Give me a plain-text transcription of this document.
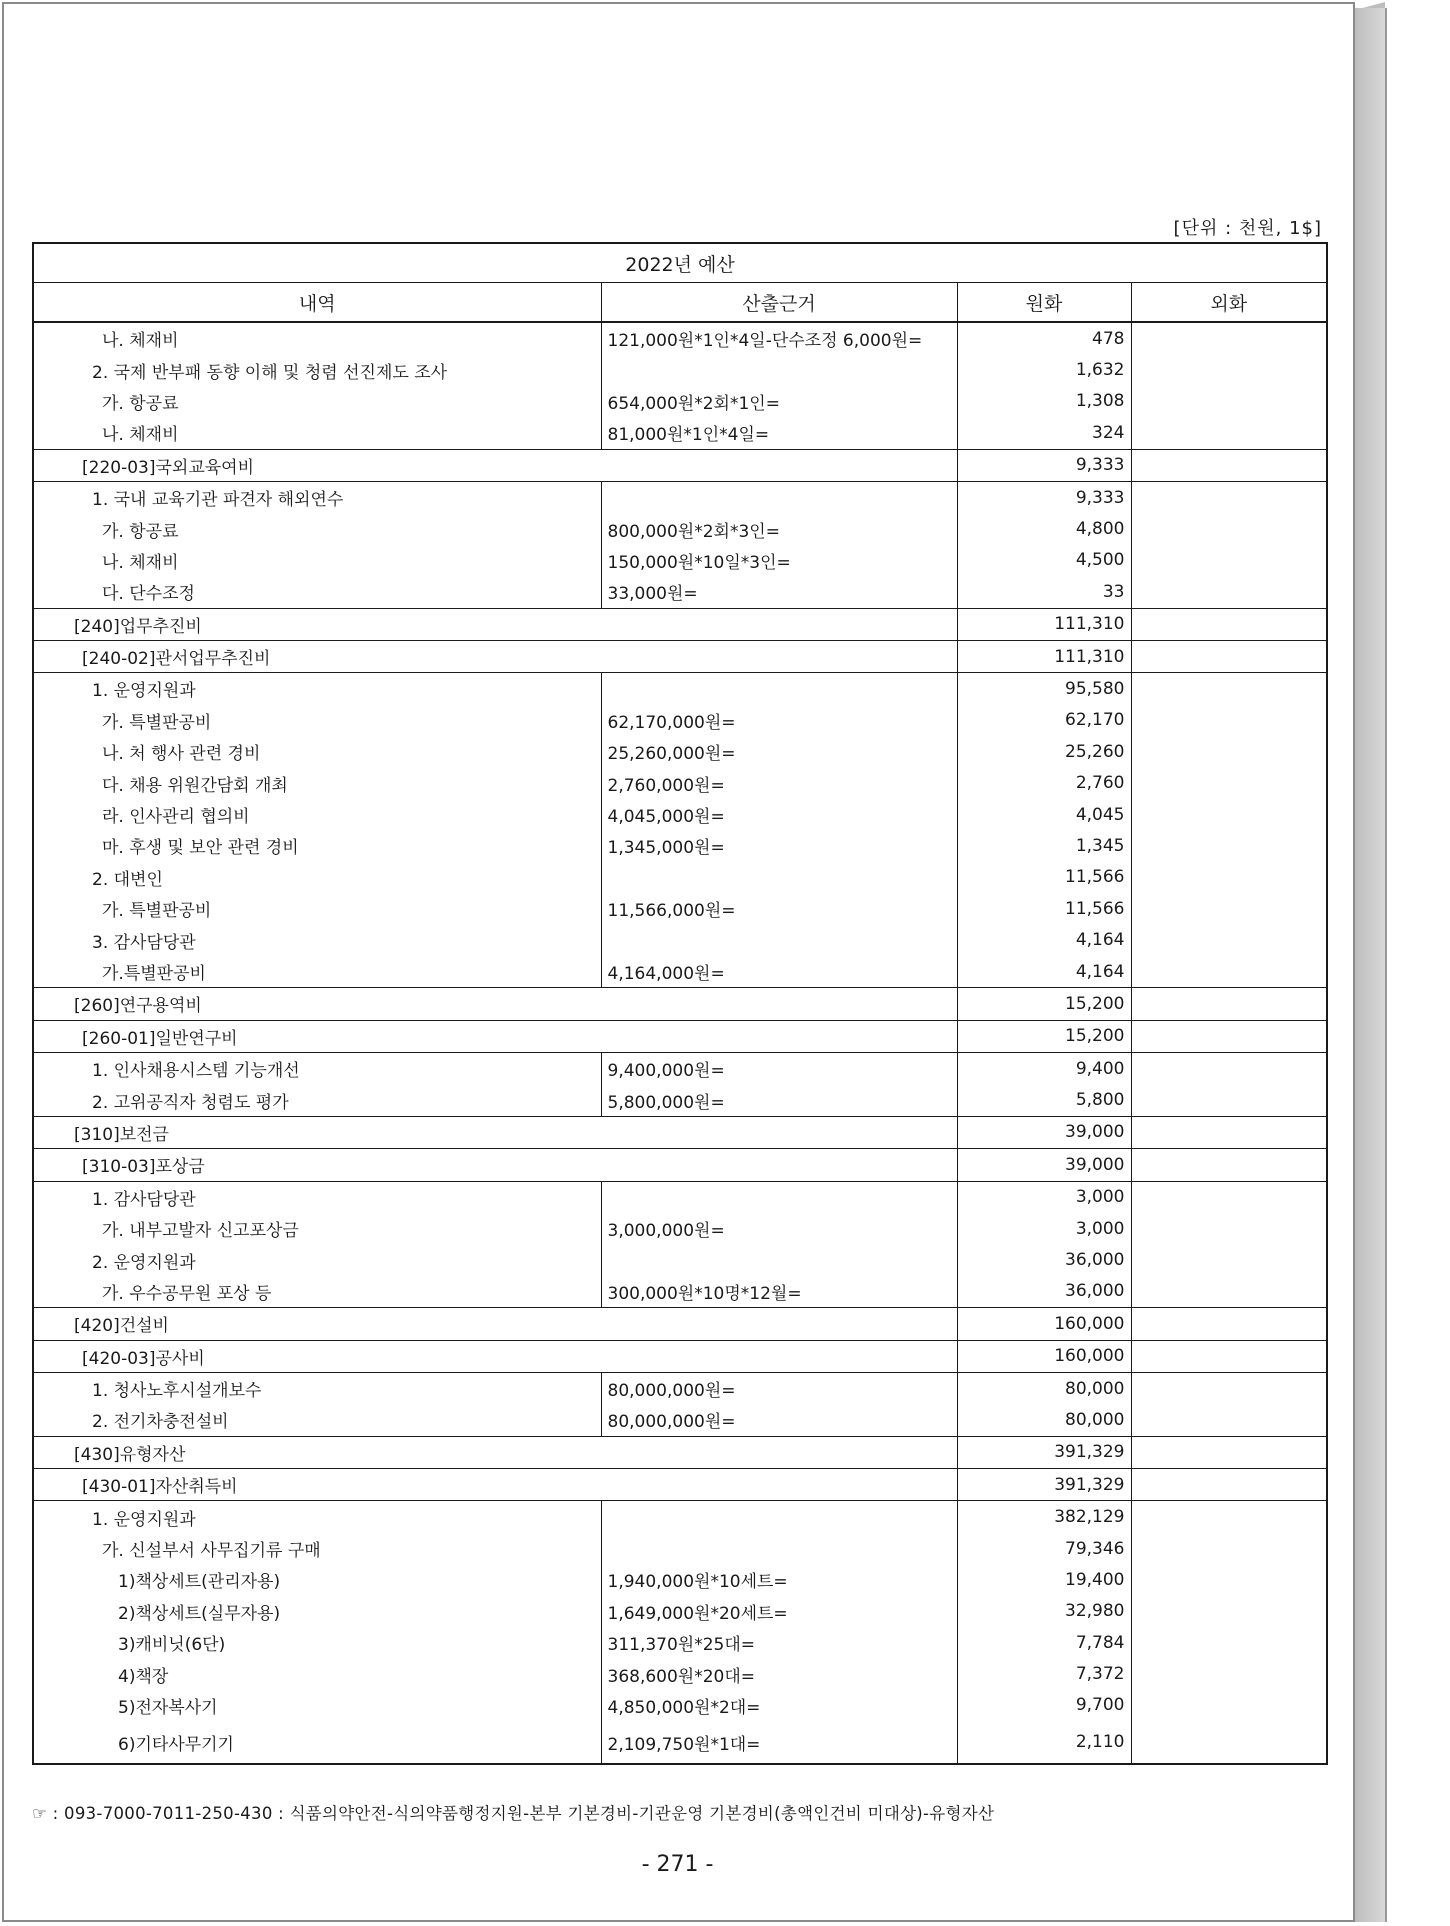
[단위 : 천원, 1$]
2022년 예산			
내역	산출근거	원화	외화
나. 체재비	121,000원*1인*4일-단수조정 6,000원=	478	
2. 국제 반부패 동향 이해 및 청렴 선진제도 조사		1,632	
가. 항공료	654,000원*2회*1인=	1,308	
나. 체재비	81,000원*1인*4일=	324	
[220-03]국외교육여비		9,333	
1. 국내 교육기관 파견자 해외연수		9,333	
가. 항공료	800,000원*2회*3인=	4,800	
나. 체재비	150,000원*10일*3인=	4,500	
다. 단수조정	33,000원=	33	
[240]업무추진비		111,310	
[240-02]관서업무추진비		111,310	
1. 운영지원과		95,580	
가. 특별판공비	62,170,000원=	62,170	
나. 처 행사 관련 경비	25,260,000원=	25,260	
다. 채용 위원간담회 개최	2,760,000원=	2,760	
라. 인사관리 협의비	4,045,000원=	4,045	
마. 후생 및 보안 관련 경비	1,345,000원=	1,345	
2. 대변인		11,566	
가. 특별판공비	11,566,000원=	11,566	
3. 감사담당관		4,164	
가.특별판공비	4,164,000원=	4,164	
[260]연구용역비		15,200	
[260-01]일반연구비		15,200	
1. 인사채용시스템 기능개선	9,400,000원=	9,400	
2. 고위공직자 청렴도 평가	5,800,000원=	5,800	
[310]보전금		39,000	
[310-03]포상금		39,000	
1. 감사담당관		3,000	
가. 내부고발자 신고포상금	3,000,000원=	3,000	
2. 운영지원과		36,000	
가. 우수공무원 포상 등	300,000원*10명*12월=	36,000	
[420]건설비		160,000	
[420-03]공사비		160,000	
1. 청사노후시설개보수	80,000,000원=	80,000	
2. 전기차충전설비	80,000,000원=	80,000	
[430]유형자산		391,329	
[430-01]자산취득비		391,329	
1. 운영지원과		382,129	
가. 신설부서 사무집기류 구매		79,346	
1)책상세트(관리자용)	1,940,000원*10세트=	19,400	
2)책상세트(실무자용)	1,649,000원*20세트=	32,980	
3)캐비닛(6단)	311,370원*25대=	7,784	
4)책장	368,600원*20대=	7,372	
5)전자복사기	4,850,000원*2대=	9,700	
6)기타사무기기	2,109,750원*1대=	2,110	
☞ : 093-7000-7011-250-430 : 식품의약안전-식의약품행정지원-본부 기본경비-기관운영 기본경비(총액인건비 미대상)-유형자산
- 271 -
